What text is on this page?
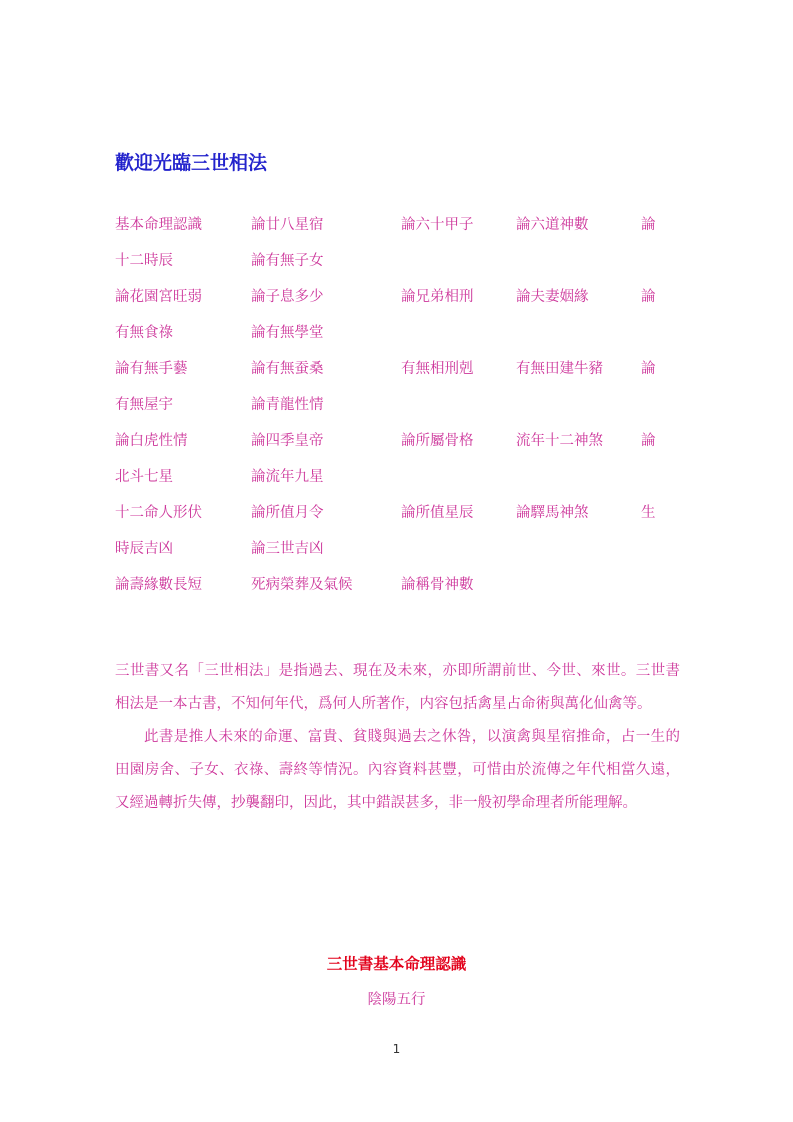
歡迎光臨三世相法
基本命理認識	論廿八星宿	論六十甲子	論六道神數	論
十二時辰	論有無子女			
論花園宮旺弱	論子息多少	論兄弟相刑	論夫妻姻緣	論
有無食祿	論有無學堂			
論有無手藝	論有無蚕桑	有無相刑剋	有無田建牛豬	論
有無屋宇	論青龍性情			
論白虎性情	論四季皇帝	論所屬骨格	流年十二神煞	論
北斗七星	論流年九星			
十二命人形伏	論所值月令	論所值星辰	論驛馬神煞	生
時辰吉凶	論三世吉凶			
論壽緣數長短	死病榮葬及氣候	論稱骨神數		

三世書又名「三世相法」是指過去、現在及未來，亦即所謂前世、今世、來世。三世書相法是一本古書，不知何年代，爲何人所著作，内容包括禽星占命術與萬化仙禽等。

此書是推人未來的命運、富貴、貧賤與過去之休咎，以演禽與星宿推命，占一生的田園房舍、子女、衣祿、壽終等情況。內容資料甚豐，可惜由於流傳之年代相當久遠，又經過轉折失傳，抄襲翻印，因此，其中錯誤甚多，非一般初學命理者所能理解。

三世書基本命理認識
陰陽五行
1
